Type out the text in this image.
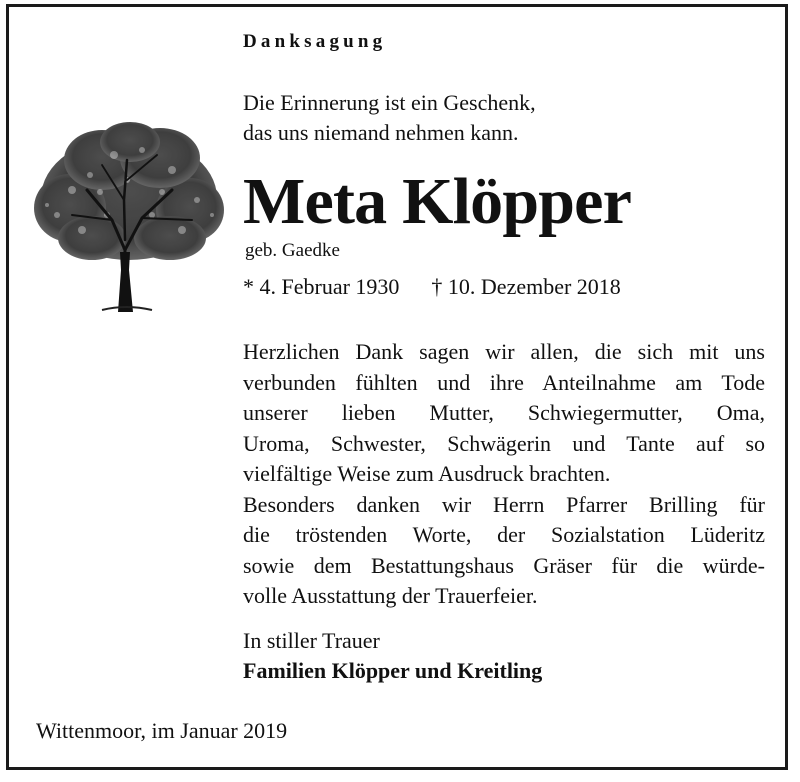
Danksagung
Die Erinnerung ist ein Geschenk,
das uns niemand nehmen kann.
Meta Klöpper
geb. Gaedke
* 4. Februar 1930 † 10. Dezember 2018
Herzlichen Dank sagen wir allen, die sich mit uns
verbunden fühlten und ihre Anteilnahme am Tode
unserer lieben Mutter, Schwiegermutter, Oma,
Uroma, Schwester, Schwägerin und Tante auf so
vielfältige Weise zum Ausdruck brachten.
Besonders danken wir Herrn Pfarrer Brilling für
die tröstenden Worte, der Sozialstation Lüderitz
sowie dem Bestattungshaus Gräser für die würde-
volle Ausstattung der Trauerfeier.
In stiller Trauer
Familien Klöpper und Kreitling
Wittenmoor, im Januar 2019
